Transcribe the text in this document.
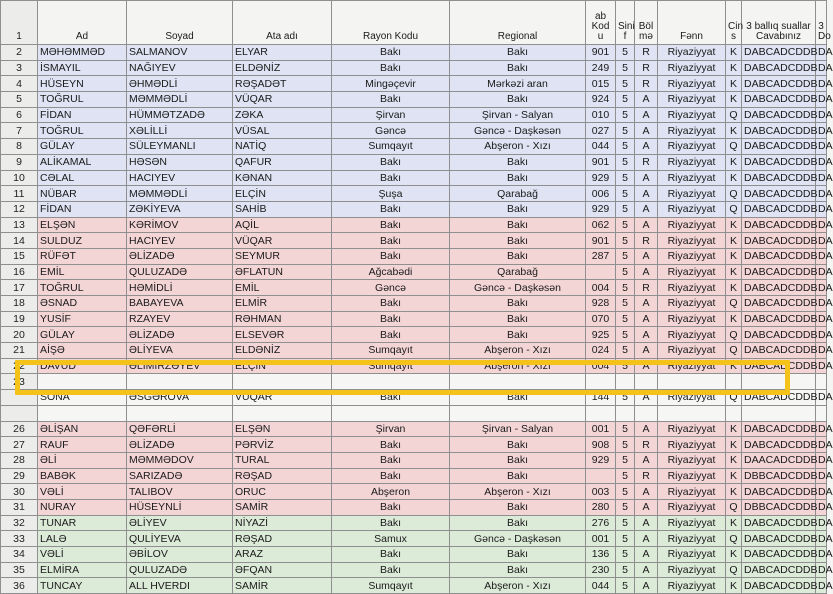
1	Ad	Soyad	Ata adı	Rayon Kodu	Regional	ab Kod u	Sini f	Böl mə	Fənn	Cin s	3 ballıq suallar Cavabınız	3 Do
2	MƏHƏMMƏD	SALMANOV	ELYAR	Bakı	Bakı	901	5	R	Riyaziyyat	K	DABCADCDDB	DA
3	İSMAYIL	NAĞIYEV	ELDƏNİZ	Bakı	Bakı	249	5	R	Riyaziyyat	K	DABCADCDDB	DA
4	HÜSEYN	ƏHMƏDLİ	RƏŞADƏT	Mingəçevir	Mərkəzi aran	015	5	R	Riyaziyyat	K	DABCADCDDB	DA
5	TOĞRUL	MƏMMƏDLİ	VÜQAR	Bakı	Bakı	924	5	A	Riyaziyyat	K	DABCADCDDB	DA
6	FİDAN	HÜMMƏTZADƏ	ZƏKA	Şirvan	Şirvan - Salyan	010	5	A	Riyaziyyat	Q	DABCADCDDB	DA
7	TOĞRUL	XƏLİLLİ	VÜSAL	Gəncə	Gəncə - Daşkəsən	027	5	A	Riyaziyyat	K	DABCADCDDB	DA
8	GÜLAY	SÜLEYMANLI	NATİQ	Sumqayıt	Abşeron - Xızı	044	5	A	Riyaziyyat	Q	DABCADCDDB	DA
9	ALİKAMAL	HƏSƏN	QAFUR	Bakı	Bakı	901	5	R	Riyaziyyat	K	DABCADCDDB	DA
10	CƏLAL	HACIYEV	KƏNAN	Bakı	Bakı	929	5	A	Riyaziyyat	K	DABCADCDDB	DA
11	NÜBAR	MƏMMƏDLİ	ELÇİN	Şuşa	Qarabağ	006	5	A	Riyaziyyat	Q	DABCADCDDB	DA
12	FİDAN	ZƏKİYEVA	SAHİB	Bakı	Bakı	929	5	A	Riyaziyyat	Q	DABCADCDDB	DA
13	ELŞƏN	KƏRİMOV	AQİL	Bakı	Bakı	062	5	A	Riyaziyyat	K	DABCADCDDB	DA
14	SULDUZ	HACIYEV	VÜQAR	Bakı	Bakı	901	5	R	Riyaziyyat	K	DABCADCDDB	DA
15	RÜFƏT	ƏLİZADƏ	SEYMUR	Bakı	Bakı	287	5	A	Riyaziyyat	K	DABCADCDDB	DA
16	EMİL	QULUZADƏ	ƏFLATUN	Ağcabədi	Qarabağ		5	A	Riyaziyyat	K	DABCADCDDB	DA
17	TOĞRUL	HƏMİDLİ	EMİL	Gəncə	Gəncə - Daşkəsən	004	5	R	Riyaziyyat	K	DABCADCDDB	DA
18	ƏSNAD	BABAYEVA	ELMİR	Bakı	Bakı	928	5	A	Riyaziyyat	Q	DABCADCDDB	DA
19	YUSİF	RZAYEV	RƏHMAN	Bakı	Bakı	070	5	A	Riyaziyyat	K	DABCADCDDB	DA
20	GÜLAY	ƏLİZADƏ	ELSEVƏR	Bakı	Bakı	925	5	A	Riyaziyyat	Q	DABCADCDDB	DA
21	AİŞƏ	ƏLİYEVA	ELDƏNİZ	Sumqayıt	Abşeron - Xızı	024	5	A	Riyaziyyat	Q	DABCADCDDB	DA
22	DAVUD	ƏLİMİRZƏYEV	ELÇİN	Sumqayıt	Abşeron - Xızı	004	5	A	Riyaziyyat	K	DABCADCDDB	DA
23												
	SONA	ƏSGƏROVA	VUQAR	Bakı	Bakı	144	5	A	Riyaziyyat	Q	DABCADCDDB	DA

26	ƏLİŞAN	QƏFƏRLİ	ELŞƏN	Şirvan	Şirvan - Salyan	001	5	A	Riyaziyyat	K	DABCADCDDB	DA
27	RAUF	ƏLİZADƏ	PƏRVİZ	Bakı	Bakı	908	5	R	Riyaziyyat	K	DABCADCDDB	DA
28	ƏLİ	MƏMMƏDOV	TURAL	Bakı	Bakı	929	5	A	Riyaziyyat	K	DAACADCDDB	DA
29	BABƏK	SARIZADƏ	RƏŞAD	Bakı	Bakı		5	R	Riyaziyyat	K	DBBCADCDDB	DA
30	VƏLİ	TALIBOV	ORUC	Abşeron	Abşeron - Xızı	003	5	A	Riyaziyyat	K	DABCADCDDB	DA
31	NURAY	HÜSEYNLİ	SAMİR	Bakı	Bakı	280	5	A	Riyaziyyat	Q	DBBCADCDDB	DA
32	TUNAR	ƏLİYEV	NİYAZİ	Bakı	Bakı	276	5	A	Riyaziyyat	K	DABCADCDDB	DA
33	LALƏ	QULİYEVA	RƏŞAD	Samux	Gəncə - Daşkəsən	001	5	A	Riyaziyyat	Q	DABCADCDDB	DA
34	VƏLİ	ƏBİLOV	ARAZ	Bakı	Bakı	136	5	A	Riyaziyyat	K	DABCADCDDB	DA
35	ELMİRA	QULUZADƏ	ƏFQAN	Bakı	Bakı	230	5	A	Riyaziyyat	Q	DABCADCDDB	DA
36	TUNCAY	ALL HVERDI	SAMİR	Sumqayıt	Abşeron - Xızı	044	5	A	Riyaziyyat	K	DABCADCDDB	DA
